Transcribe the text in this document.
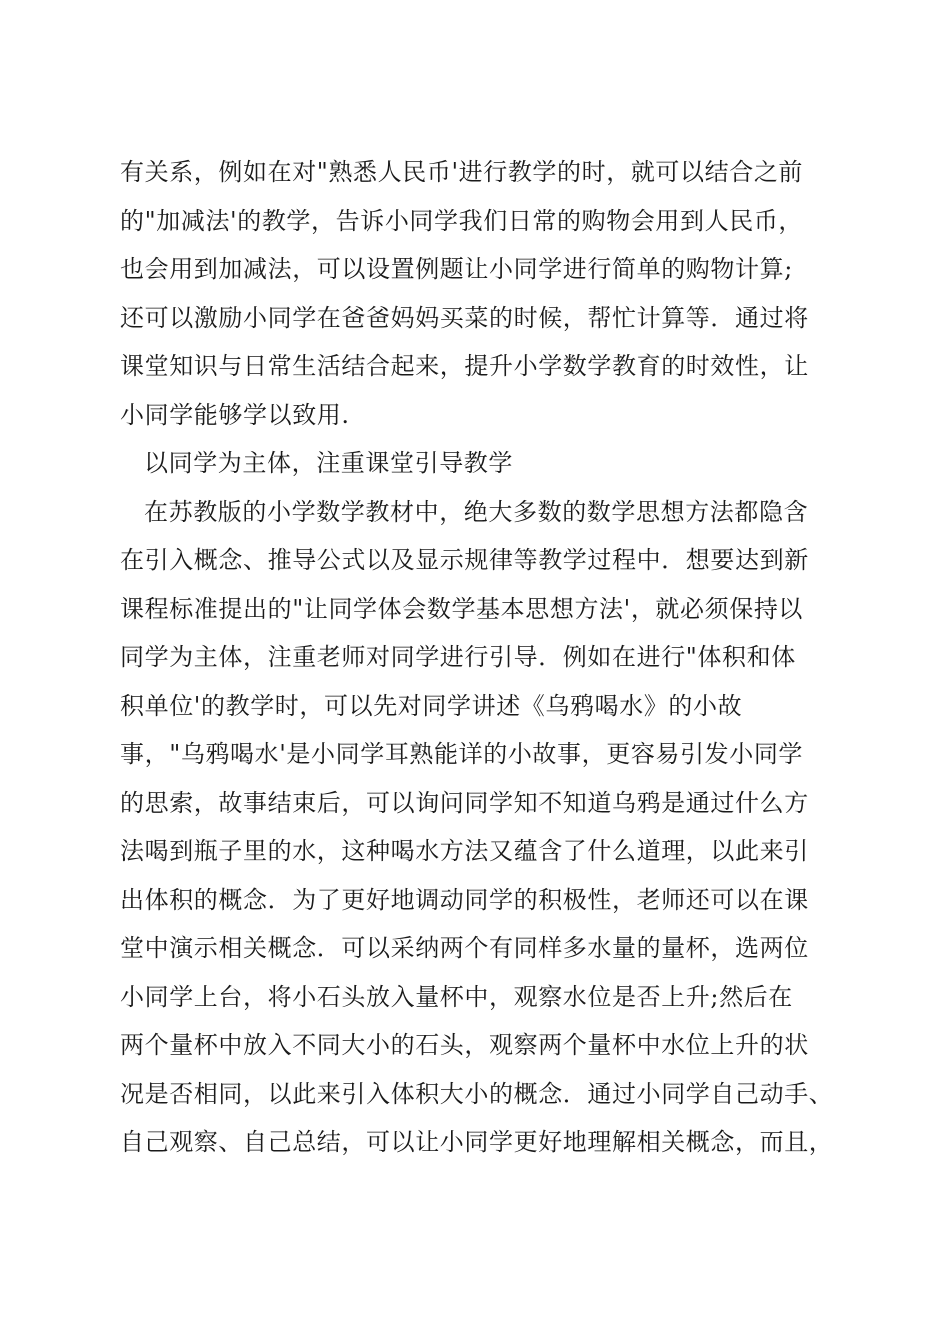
有关系，例如在对"熟悉人民币'进行教学的时，就可以结合之前
的"加减法'的教学，告诉小同学我们日常的购物会用到人民币，
也会用到加减法，可以设置例题让小同学进行简单的购物计算;
还可以激励小同学在爸爸妈妈买菜的时候，帮忙计算等．通过将
课堂知识与日常生活结合起来，提升小学数学教育的时效性，让
小同学能够学以致用.
以同学为主体，注重课堂引导教学
在苏教版的小学数学教材中，绝大多数的数学思想方法都隐含
在引入概念、推导公式以及显示规律等教学过程中．想要达到新
课程标准提出的"让同学体会数学基本思想方法'，就必须保持以
同学为主体，注重老师对同学进行引导．例如在进行"体积和体
积单位'的教学时，可以先对同学讲述《乌鸦喝水》的小故
事，"乌鸦喝水'是小同学耳熟能详的小故事，更容易引发小同学
的思索，故事结束后，可以询问同学知不知道乌鸦是通过什么方
法喝到瓶子里的水，这种喝水方法又蕴含了什么道理，以此来引
出体积的概念．为了更好地调动同学的积极性，老师还可以在课
堂中演示相关概念．可以采纳两个有同样多水量的量杯，选两位
小同学上台，将小石头放入量杯中，观察水位是否上升;然后在
两个量杯中放入不同大小的石头，观察两个量杯中水位上升的状
况是否相同，以此来引入体积大小的概念．通过小同学自己动手、
自己观察、自己总结，可以让小同学更好地理解相关概念，而且，
